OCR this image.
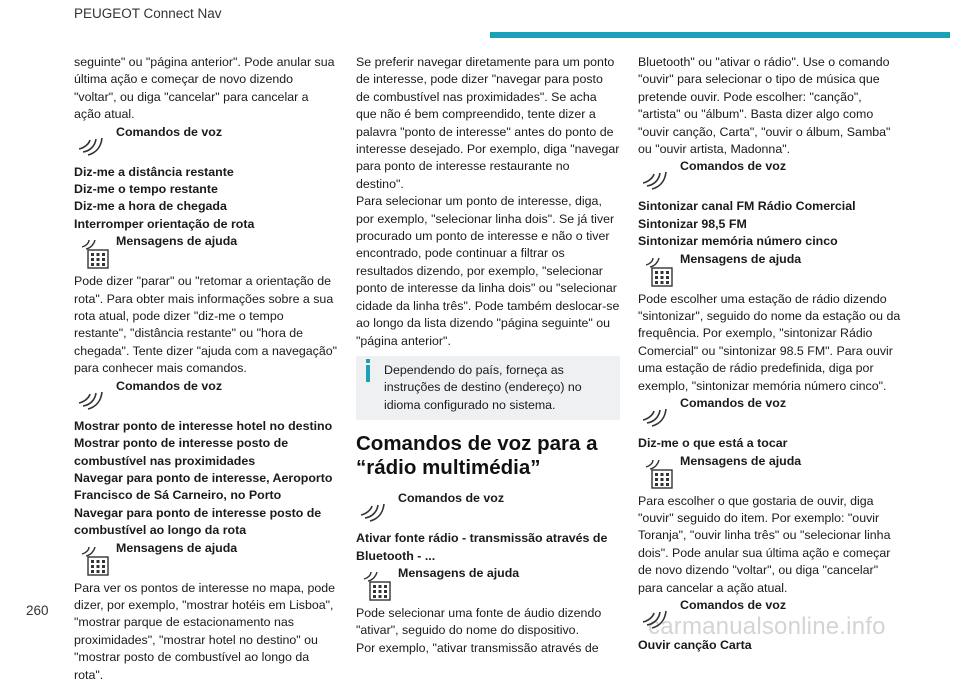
PEUGEOT Connect Nav
260
carmanualsonline.info

seguinte" ou "página anterior". Pode anular sua última ação e começar de novo dizendo "voltar", ou diga "cancelar" para cancelar a ação atual.

Comandos de voz

Diz-me a distância restante

Diz-me o tempo restante

Diz-me a hora de chegada

Interromper orientação de rota

Mensagens de ajuda

Pode dizer "parar" ou "retomar a orientação de rota". Para obter mais informações sobre a sua rota atual, pode dizer "diz-me o tempo restante", "distância restante" ou "hora de chegada". Tente dizer "ajuda com a navegação" para conhecer mais comandos.

Comandos de voz

Mostrar ponto de interesse hotel no destino

Mostrar ponto de interesse posto de combustível nas proximidades

Navegar para ponto de interesse, Aeroporto Francisco de Sá Carneiro, no Porto

Navegar para ponto de interesse posto de combustível ao longo da rota

Mensagens de ajuda

Para ver os pontos de interesse no mapa, pode dizer, por exemplo, "mostrar hotéis em Lisboa", "mostrar parque de estacionamento nas proximidades", "mostrar hotel no destino" ou "mostrar posto de combustível ao longo da rota".

Se preferir navegar diretamente para um ponto de interesse, pode dizer "navegar para posto de combustível nas proximidades". Se acha que não é bem compreendido, tente dizer a palavra "ponto de interesse" antes do ponto de interesse desejado. Por exemplo, diga "navegar para ponto de interesse restaurante no destino".

Para selecionar um ponto de interesse, diga, por exemplo, "selecionar linha dois". Se já tiver procurado um ponto de interesse e não o tiver encontrado, pode continuar a filtrar os resultados dizendo, por exemplo, "selecionar ponto de interesse da linha dois" ou "selecionar cidade da linha três". Pode também deslocar-se ao longo da lista dizendo "página seguinte" ou "página anterior".

Dependendo do país, forneça as instruções de destino (endereço) no idioma configurado no sistema.

Comandos de voz para a “rádio multimédia”
Comandos de voz

Ativar fonte rádio - transmissão através de Bluetooth - ...

Mensagens de ajuda

Pode selecionar uma fonte de áudio dizendo "ativar", seguido do nome do dispositivo.

Por exemplo, "ativar transmissão através de

Bluetooth" ou "ativar o rádio". Use o comando "ouvir" para selecionar o tipo de música que pretende ouvir. Pode escolher: "canção", "artista" ou "álbum". Basta dizer algo como "ouvir canção, Carta", "ouvir o álbum, Samba" ou "ouvir artista, Madonna".

Comandos de voz

Sintonizar canal FM Rádio Comercial

Sintonizar 98,5 FM

Sintonizar memória número cinco

Mensagens de ajuda

Pode escolher uma estação de rádio dizendo "sintonizar", seguido do nome da estação ou da frequência. Por exemplo, "sintonizar Rádio Comercial" ou "sintonizar 98.5 FM". Para ouvir uma estação de rádio predefinida, diga por exemplo, "sintonizar memória número cinco".

Comandos de voz

Diz-me o que está a tocar

Mensagens de ajuda

Para escolher o que gostaria de ouvir, diga "ouvir" seguido do item. Por exemplo: "ouvir Toranja", "ouvir linha três" ou "selecionar linha dois". Pode anular sua última ação e começar de novo dizendo "voltar", ou diga "cancelar" para cancelar a ação atual.

Comandos de voz

Ouvir canção Carta
